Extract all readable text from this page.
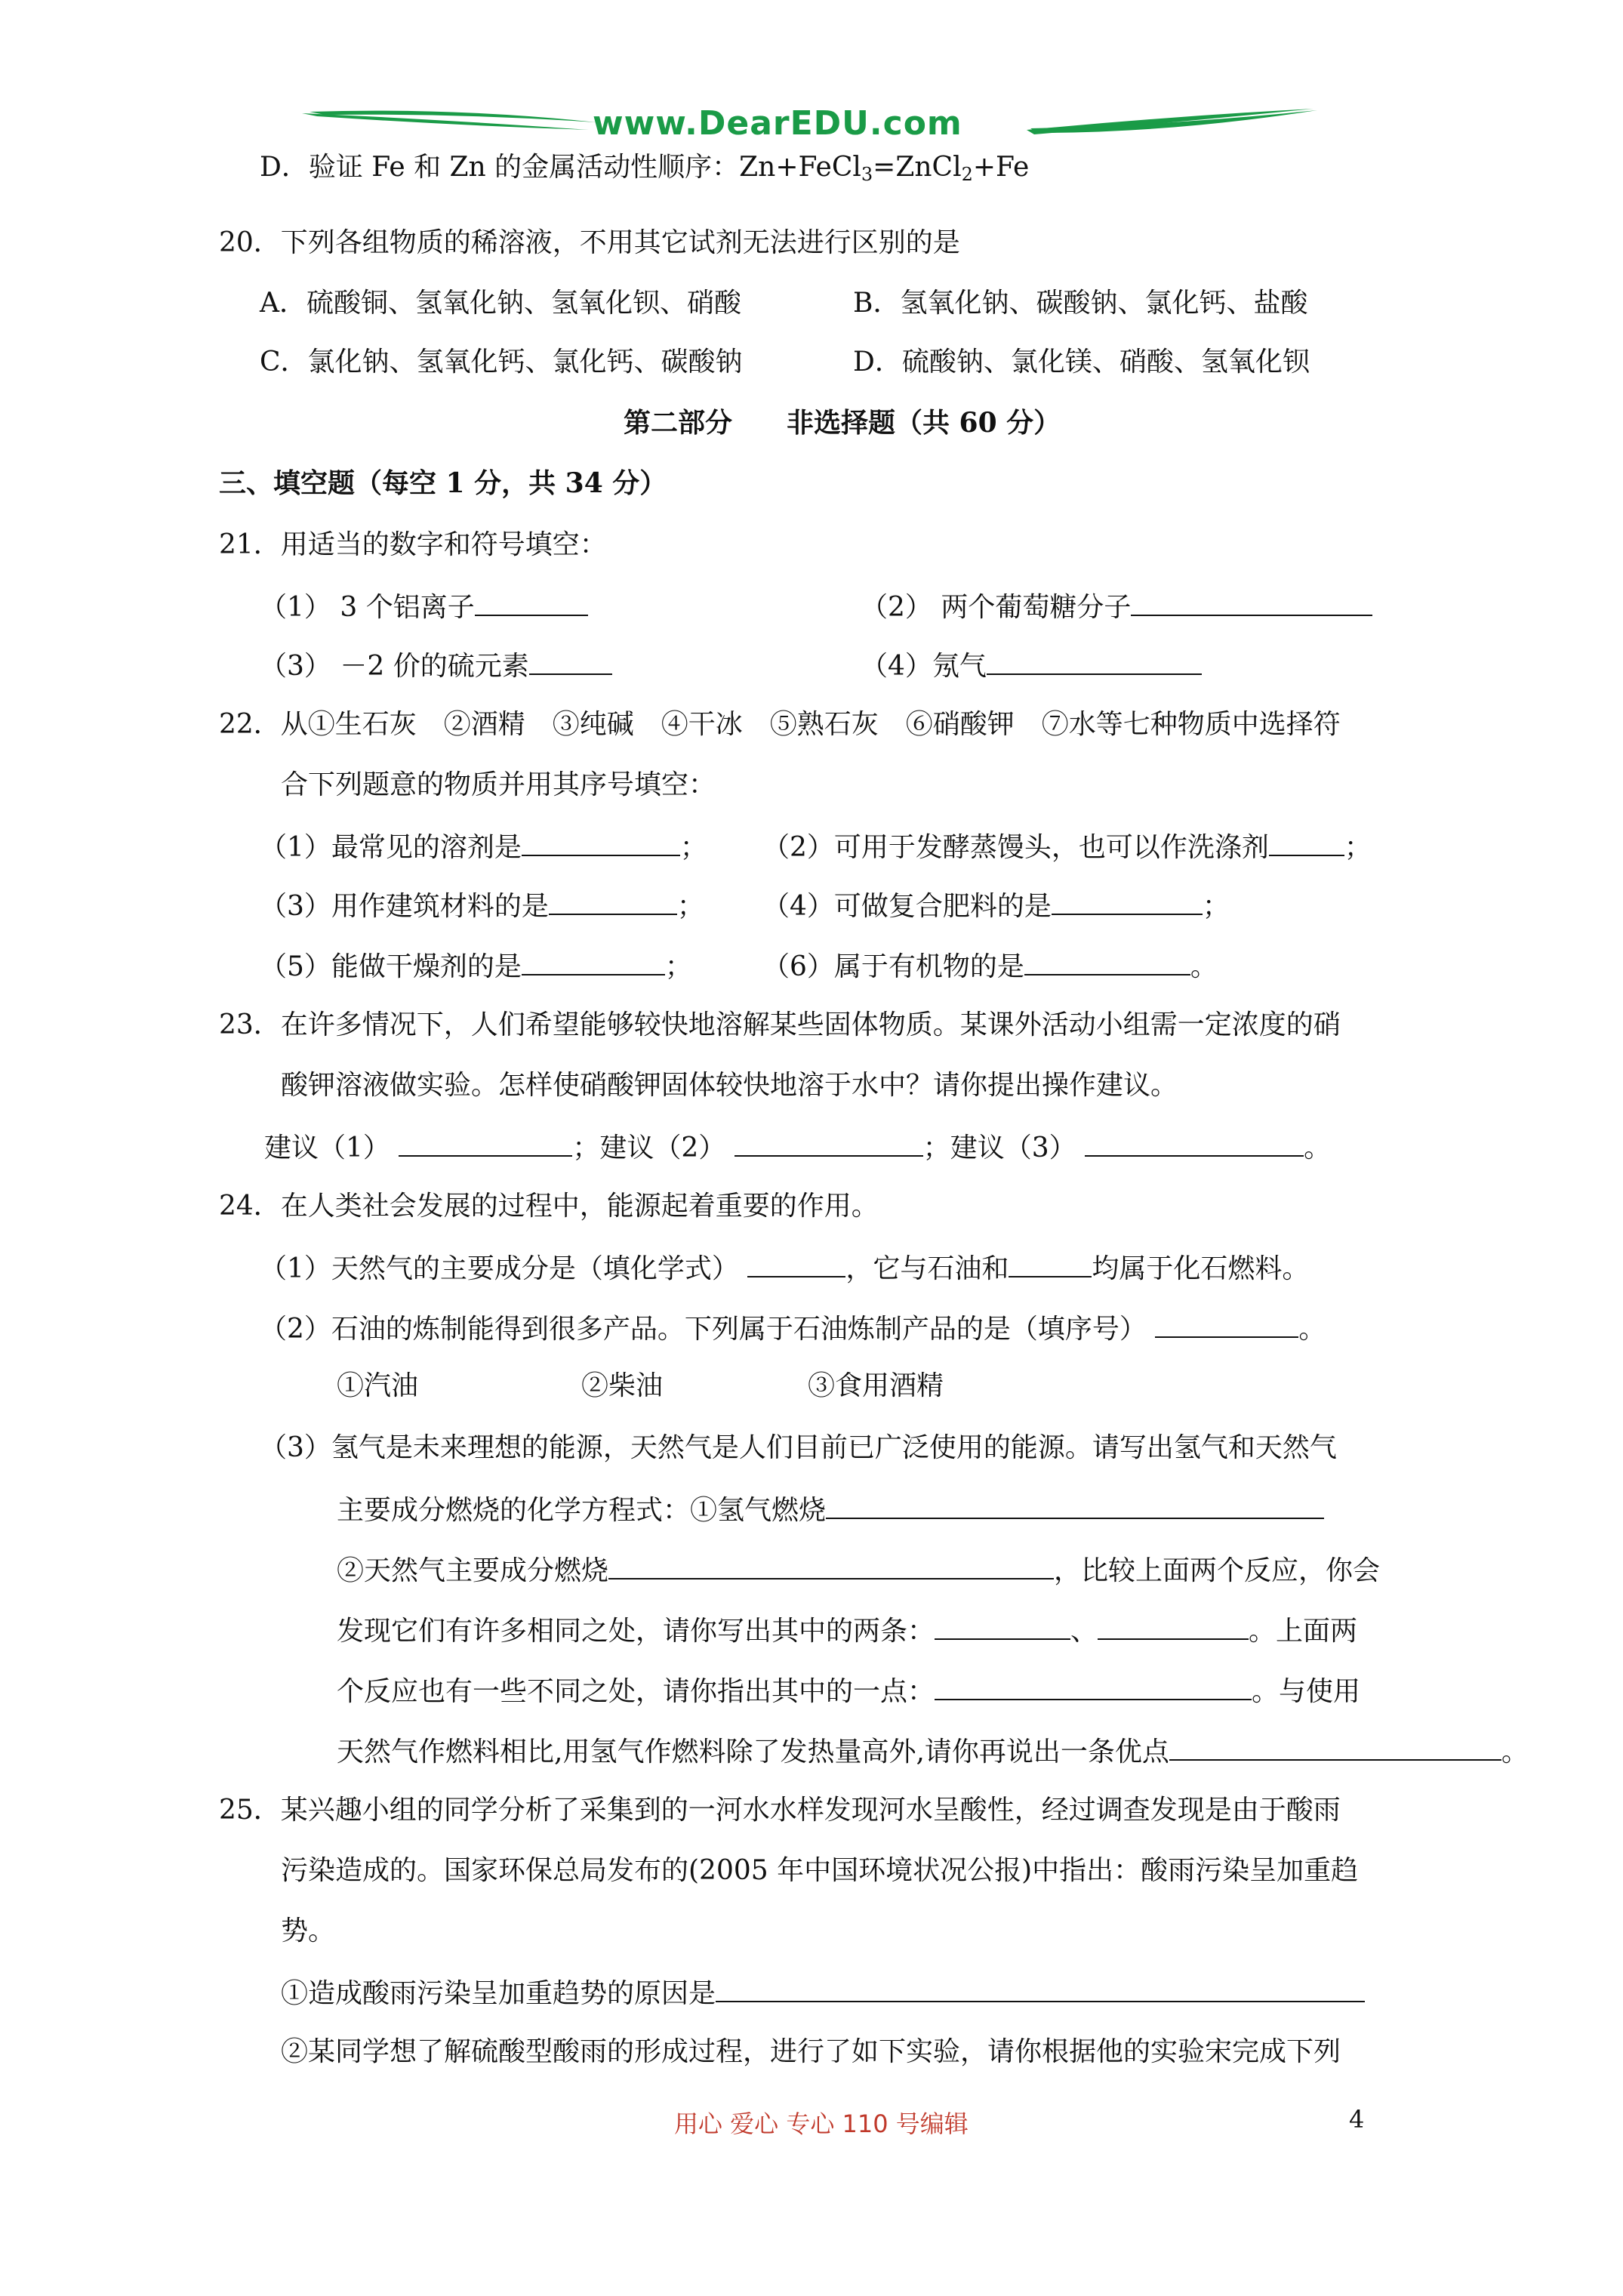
www.DearEDU.com
D．验证 Fe 和 Zn 的金属活动性顺序：Zn+FeCl$_3$=ZnCl$_2$+Fe
20．下列各组物质的稀溶液，不用其它试剂无法进行区别的是
A．硫酸铜、氢氧化钠、氢氧化钡、硝酸	B．氢氧化钠、碳酸钠、氯化钙、盐酸
C．氯化钠、氢氧化钙、氯化钙、碳酸钠	D．硫酸钠、氯化镁、硝酸、氢氧化钡
第二部分　　非选择题（共 60 分）
三、填空题（每空 1 分，共 34 分）
21．用适当的数字和符号填空：
（1） 3 个铝离子	（2） 两个葡萄糖分子
（3） －2 价的硫元素	（4）氖气
22．从①生石灰　②酒精　③纯碱　④干冰　⑤熟石灰　⑥硝酸钾　⑦水等七种物质中选择符
合下列题意的物质并用其序号填空：
（1）最常见的溶剂是	； （2）可用于发酵蒸馒头，也可以作洗涤剂	；
（3）用作建筑材料的是	； （4）可做复合肥料的是	；
（5）能做干燥剂的是	；	（6）属于有机物的是	。
23．在许多情况下，人们希望能够较快地溶解某些固体物质。某课外活动小组需一定浓度的硝
酸钾溶液做实验。怎样使硝酸钾固体较快地溶于水中？请你提出操作建议。
建议（1）	；建议（2）	；建议（3）	。
24．在人类社会发展的过程中，能源起着重要的作用。
（1）天然气的主要成分是（填化学式）	，它与石油和	均属于化石燃料。
（2）石油的炼制能得到很多产品。下列属于石油炼制产品的是（填序号）	。
①汽油	②柴油	③食用酒精
（3）氢气是未来理想的能源，天然气是人们目前已广泛使用的能源。请写出氢气和天然气
主要成分燃烧的化学方程式：①氢气燃烧
②天然气主要成分燃烧	，比较上面两个反应，你会
发现它们有许多相同之处，请你写出其中的两条：	、	。上面两
个反应也有一些不同之处，请你指出其中的一点：	。与使用
天然气作燃料相比,用氢气作燃料除了发热量高外,请你再说出一条优点	。
25．某兴趣小组的同学分析了采集到的一河水水样发现河水呈酸性，经过调查发现是由于酸雨
污染造成的。国家环保总局发布的(2005 年中国环境状况公报)中指出：酸雨污染呈加重趋
势。
①造成酸雨污染呈加重趋势的原因是
②某同学想了解硫酸型酸雨的形成过程，进行了如下实验，请你根据他的实验宋完成下列
用心 爱心 专心 110 号编辑	4
